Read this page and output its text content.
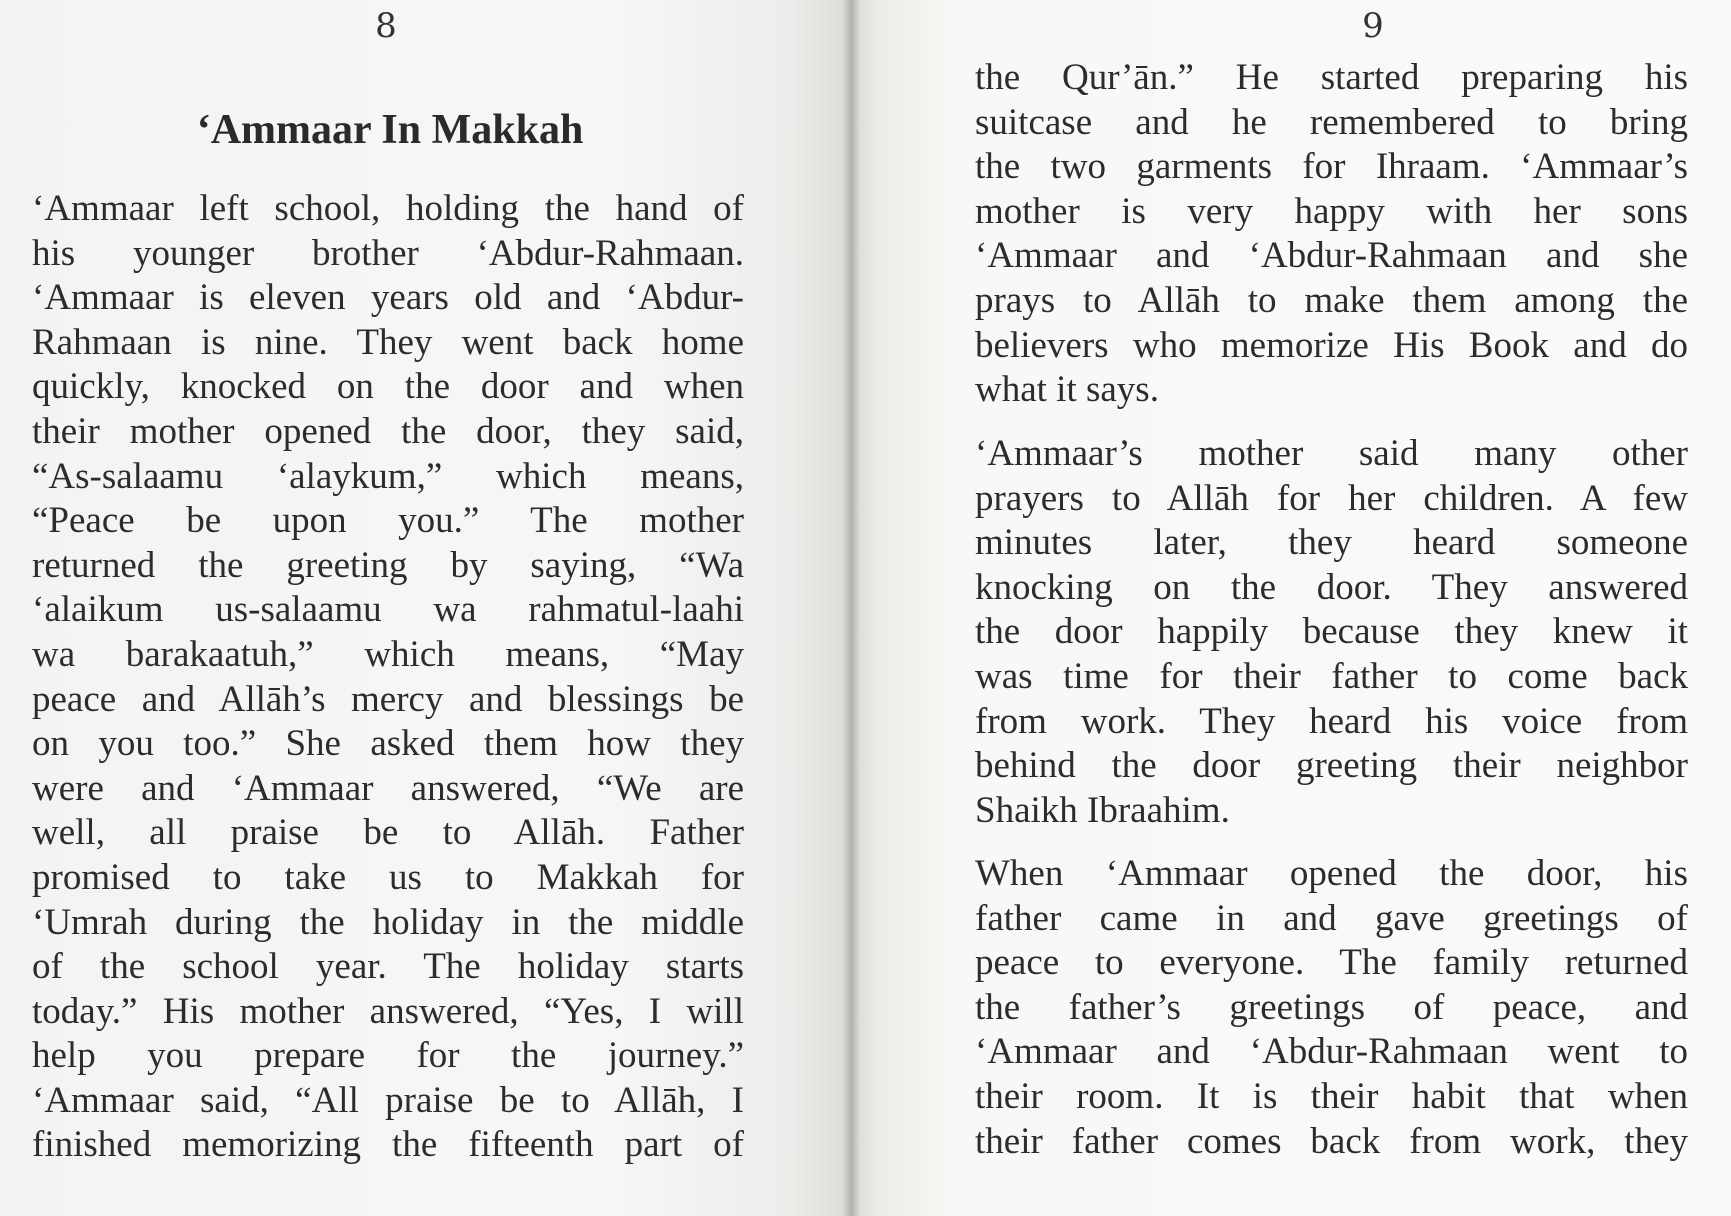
8
‘Ammaar In Makkah
‘Ammaar left school, holding the hand of
his younger brother ‘Abdur-Rahmaan.
‘Ammaar is eleven years old and ‘Abdur-
Rahmaan is nine. They went back home
quickly, knocked on the door and when
their mother opened the door, they said,
“As-salaamu ‘alaykum,” which means,
“Peace be upon you.” The mother
returned the greeting by saying, “Wa
‘alaikum us-salaamu wa rahmatul-laahi
wa barakaatuh,” which means, “May
peace and Allāh’s mercy and blessings be
on you too.” She asked them how they
were and ‘Ammaar answered, “We are
well, all praise be to Allāh. Father
promised to take us to Makkah for
‘Umrah during the holiday in the middle
of the school year. The holiday starts
today.” His mother answered, “Yes, I will
help you prepare for the journey.”
‘Ammaar said, “All praise be to Allāh, I
finished memorizing the fifteenth part of
9
the Qur’ān.” He started preparing his
suitcase and he remembered to bring
the two garments for Ihraam. ‘Ammaar’s
mother is very happy with her sons
‘Ammaar and ‘Abdur-Rahmaan and she
prays to Allāh to make them among the
believers who memorize His Book and do
what it says.
‘Ammaar’s mother said many other
prayers to Allāh for her children. A few
minutes later, they heard someone
knocking on the door. They answered
the door happily because they knew it
was time for their father to come back
from work. They heard his voice from
behind the door greeting their neighbor
Shaikh Ibraahim.
When ‘Ammaar opened the door, his
father came in and gave greetings of
peace to everyone. The family returned
the father’s greetings of peace, and
‘Ammaar and ‘Abdur-Rahmaan went to
their room. It is their habit that when
their father comes back from work, they
